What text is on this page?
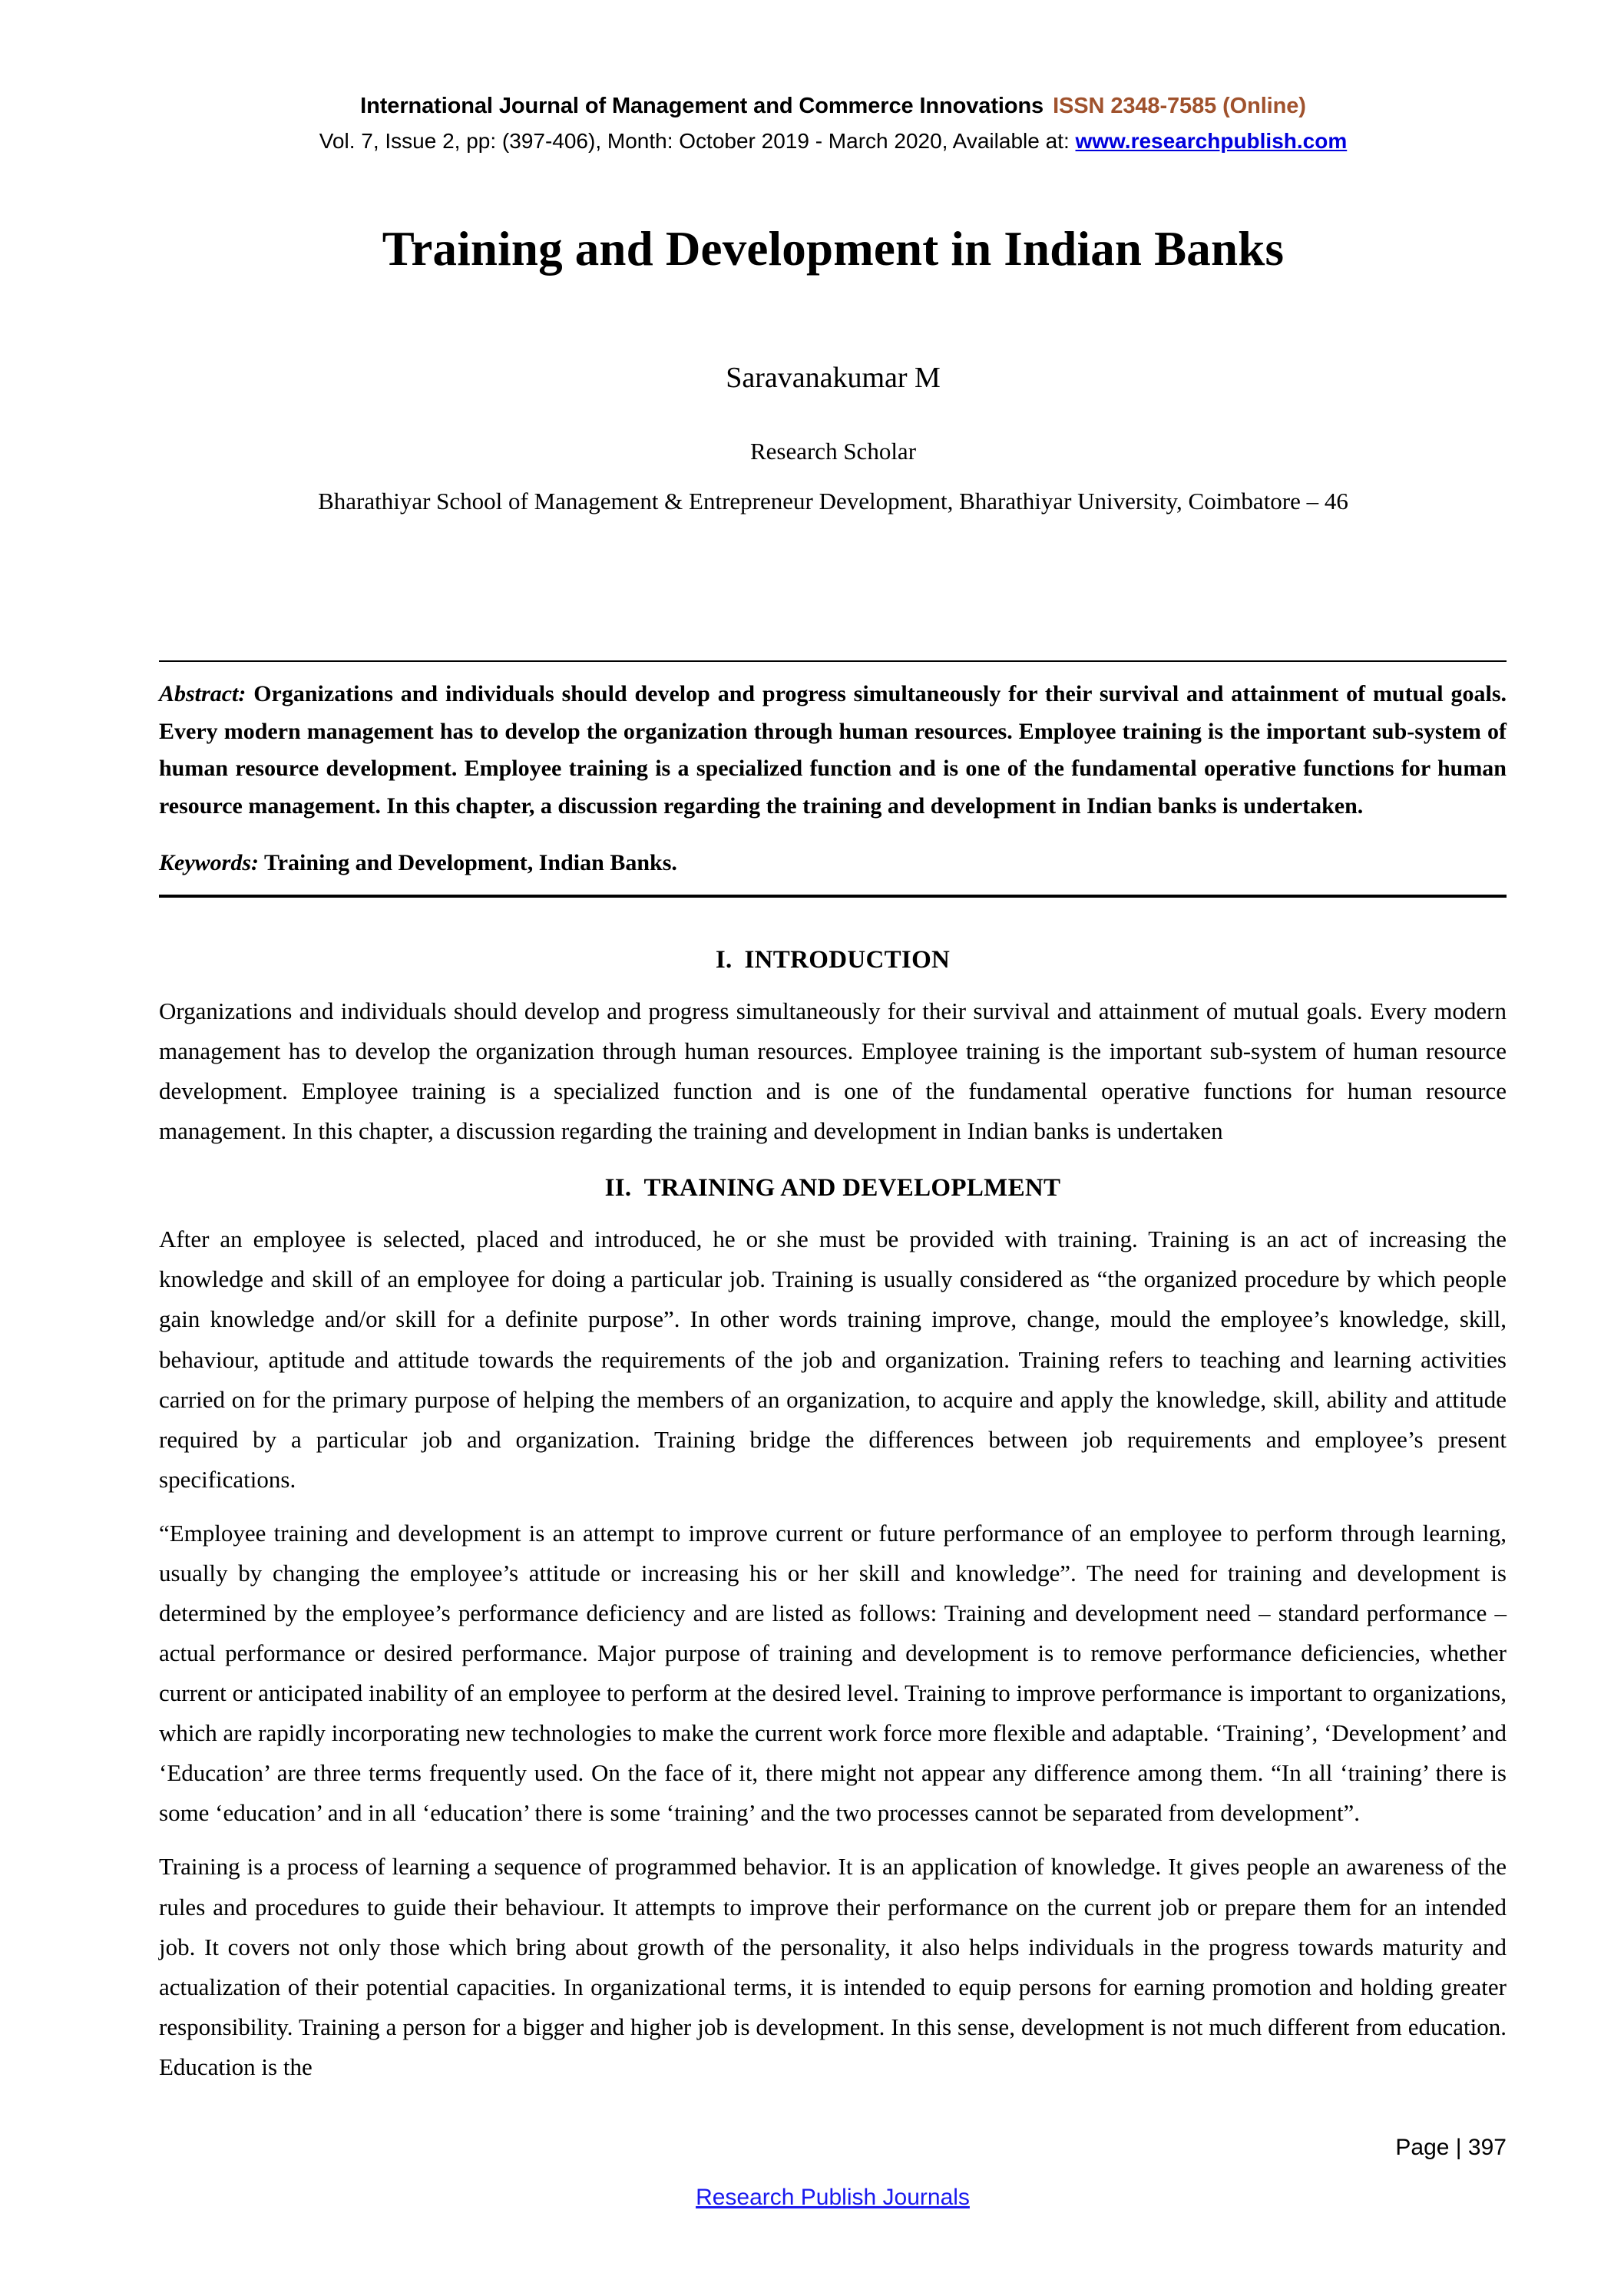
International Journal of Management and Commerce Innovations ISSN 2348-7585 (Online)
Vol. 7, Issue 2, pp: (397-406), Month: October 2019 - March 2020, Available at: www.researchpublish.com
Training and Development in Indian Banks
Saravanakumar M
Research Scholar
Bharathiyar School of Management & Entrepreneur Development, Bharathiyar University, Coimbatore – 46

Abstract: Organizations and individuals should develop and progress simultaneously for their survival and attainment of mutual goals. Every modern management has to develop the organization through human resources. Employee training is the important sub-system of human resource development. Employee training is a specialized function and is one of the fundamental operative functions for human resource management. In this chapter, a discussion regarding the training and development in Indian banks is undertaken.

Keywords: Training and Development, Indian Banks.

I. INTRODUCTION

Organizations and individuals should develop and progress simultaneously for their survival and attainment of mutual goals. Every modern management has to develop the organization through human resources. Employee training is the important sub-system of human resource development. Employee training is a specialized function and is one of the fundamental operative functions for human resource management. In this chapter, a discussion regarding the training and development in Indian banks is undertaken

II. TRAINING AND DEVELOPLMENT

After an employee is selected, placed and introduced, he or she must be provided with training. Training is an act of increasing the knowledge and skill of an employee for doing a particular job. Training is usually considered as “the organized procedure by which people gain knowledge and/or skill for a definite purpose”. In other words training improve, change, mould the employee’s knowledge, skill, behaviour, aptitude and attitude towards the requirements of the job and organization. Training refers to teaching and learning activities carried on for the primary purpose of helping the members of an organization, to acquire and apply the knowledge, skill, ability and attitude required by a particular job and organization. Training bridge the differences between job requirements and employee’s present specifications.

“Employee training and development is an attempt to improve current or future performance of an employee to perform through learning, usually by changing the employee’s attitude or increasing his or her skill and knowledge”. The need for training and development is determined by the employee’s performance deficiency and are listed as follows: Training and development need – standard performance – actual performance or desired performance. Major purpose of training and development is to remove performance deficiencies, whether current or anticipated inability of an employee to perform at the desired level. Training to improve performance is important to organizations, which are rapidly incorporating new technologies to make the current work force more flexible and adaptable. ‘Training’, ‘Development’ and ‘Education’ are three terms frequently used. On the face of it, there might not appear any difference among them. “In all ‘training’ there is some ‘education’ and in all ‘education’ there is some ‘training’ and the two processes cannot be separated from development”.

Training is a process of learning a sequence of programmed behavior. It is an application of knowledge. It gives people an awareness of the rules and procedures to guide their behaviour. It attempts to improve their performance on the current job or prepare them for an intended job. It covers not only those which bring about growth of the personality, it also helps individuals in the progress towards maturity and actualization of their potential capacities. In organizational terms, it is intended to equip persons for earning promotion and holding greater responsibility. Training a person for a bigger and higher job is development. In this sense, development is not much different from education. Education is the

Page | 397
Research Publish Journals
